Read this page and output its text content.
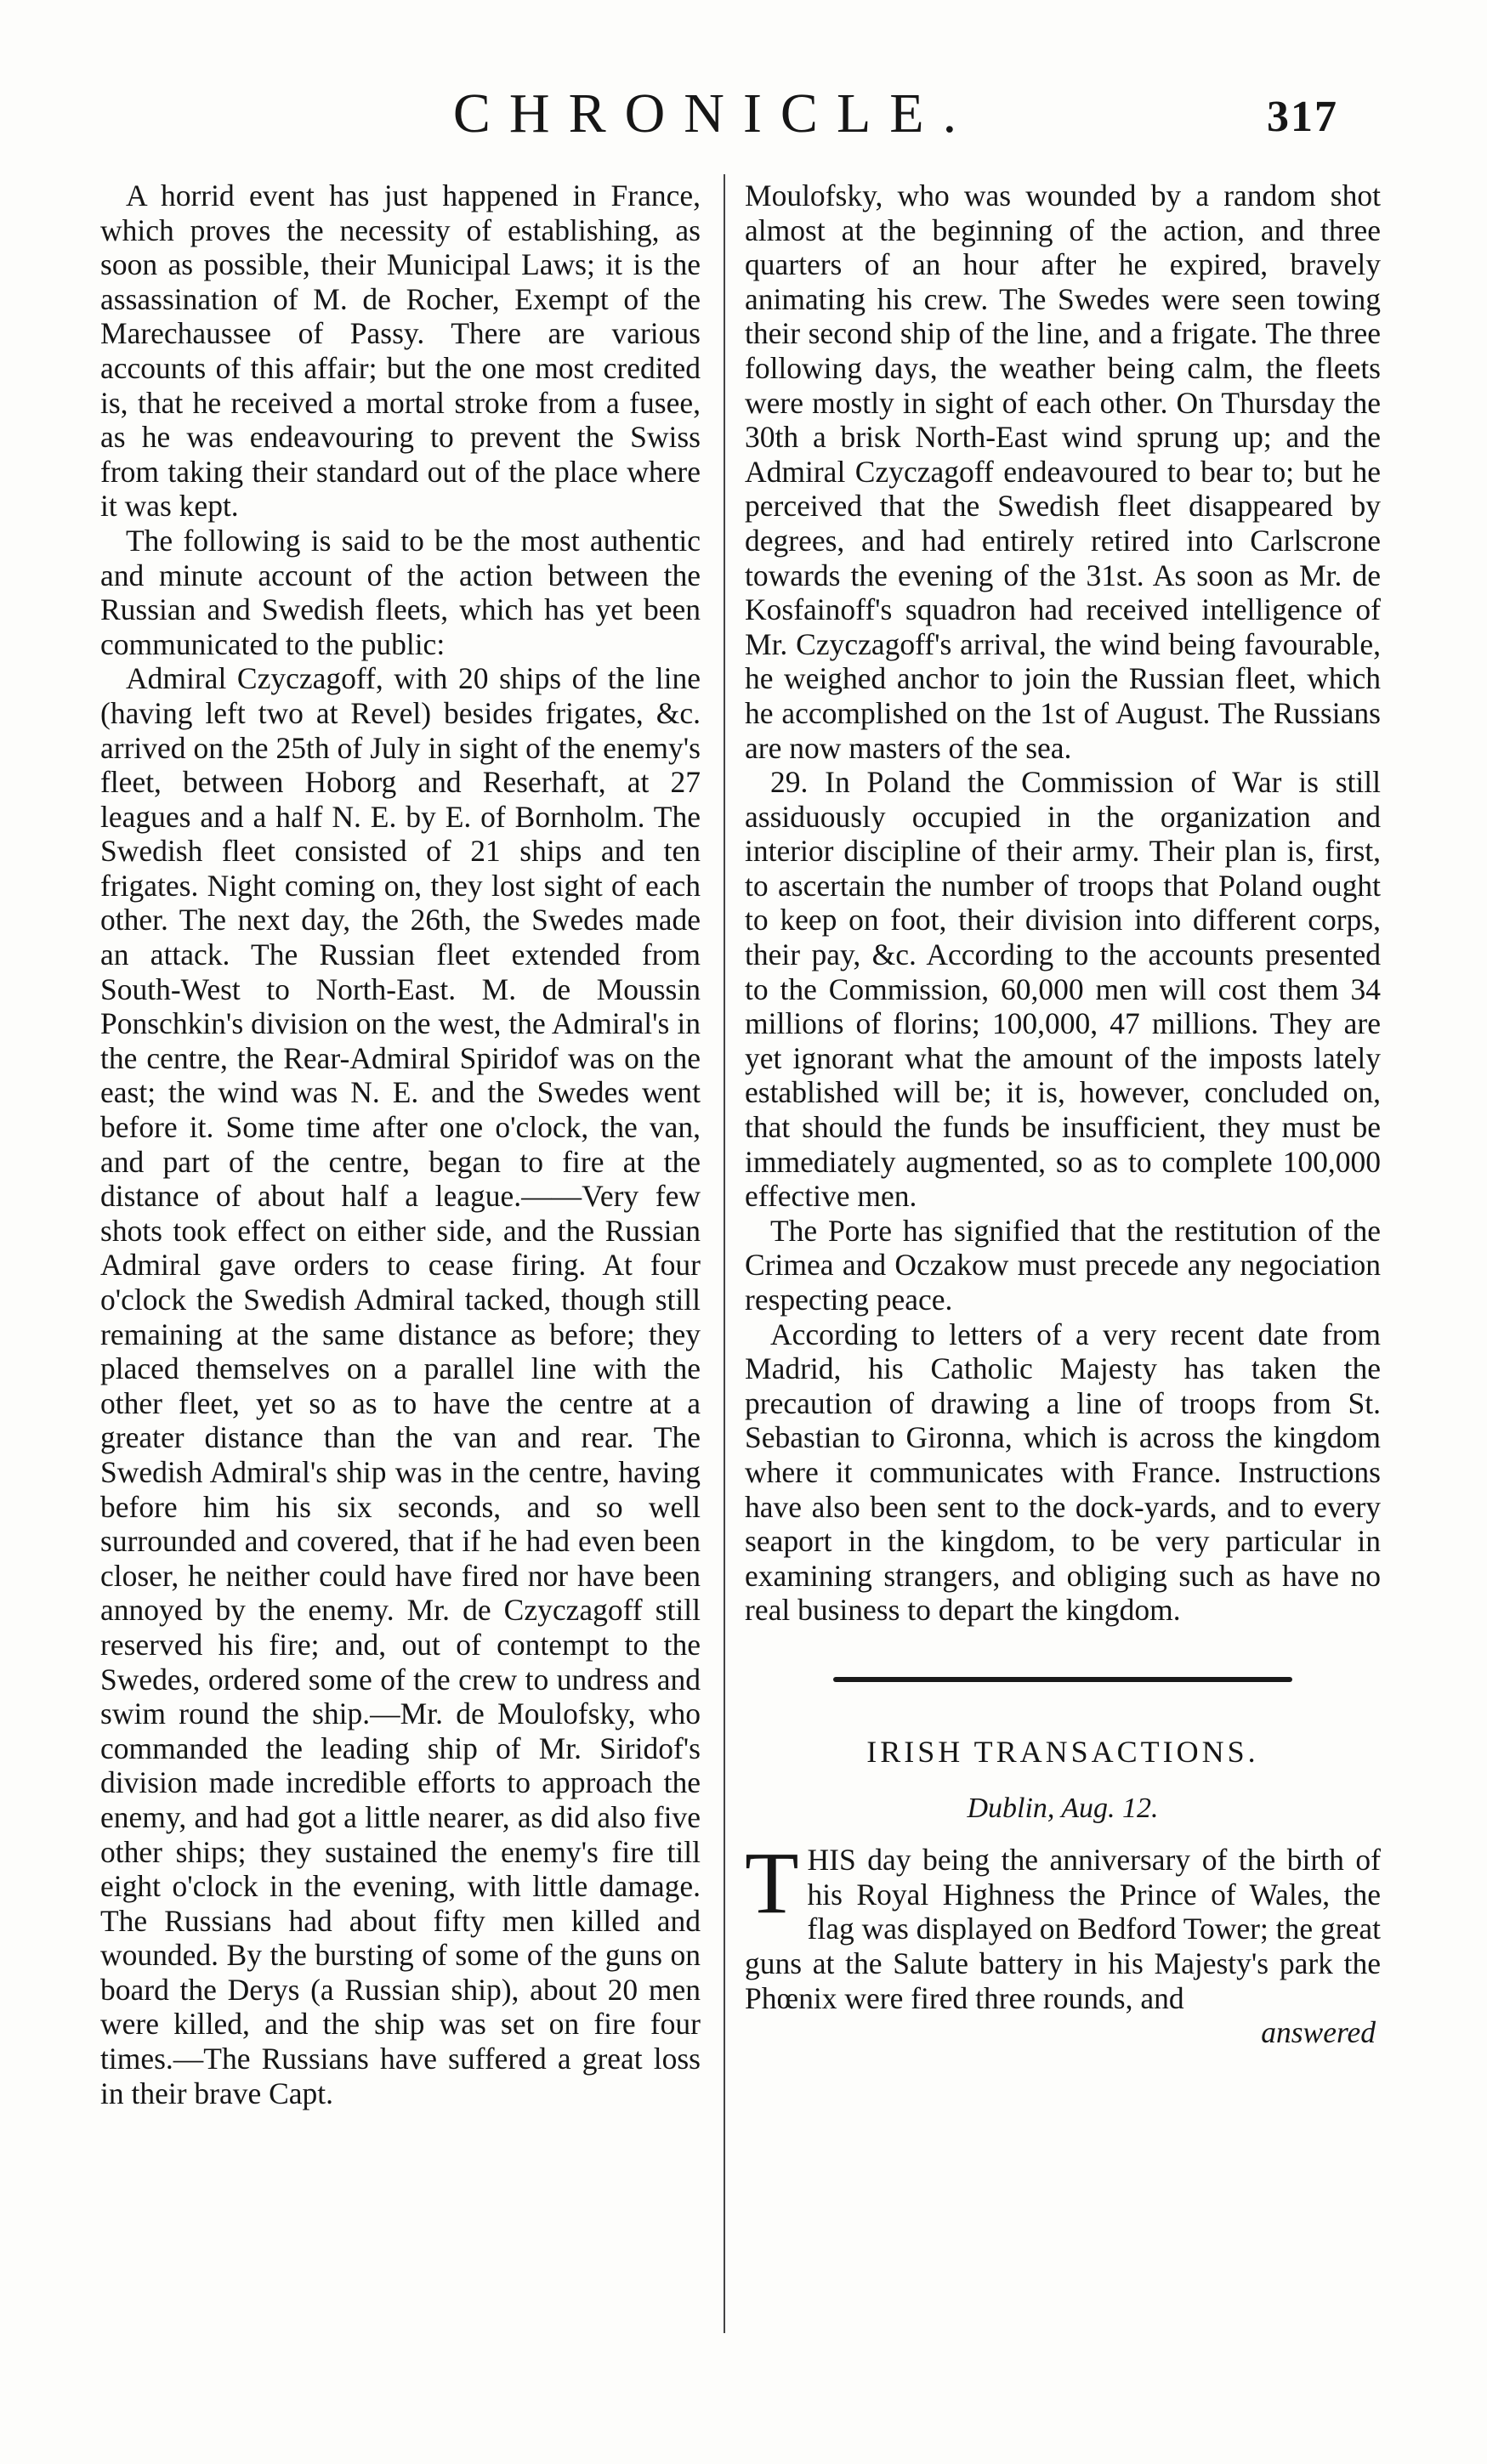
CHRONICLE.	317

A horrid event has just happened in France, which proves the necessity of establishing, as soon as possible, their Municipal Laws; it is the assassination of M. de Rocher, Exempt of the Marechaussee of Passy. There are various accounts of this affair; but the one most credited is, that he received a mortal stroke from a fusee, as he was endeavouring to prevent the Swiss from taking their standard out of the place where it was kept.

The following is said to be the most authentic and minute account of the action between the Russian and Swedish fleets, which has yet been communicated to the public:

Admiral Czyczagoff, with 20 ships of the line (having left two at Revel) besides frigates, &c. arrived on the 25th of July in sight of the enemy's fleet, between Hoborg and Reserhaft, at 27 leagues and a half N. E. by E. of Bornholm. The Swedish fleet consisted of 21 ships and ten frigates. Night coming on, they lost sight of each other. The next day, the 26th, the Swedes made an attack. The Russian fleet extended from South-West to North-East. M. de Moussin Ponschkin's division on the west, the Admiral's in the centre, the Rear-Admiral Spiridof was on the east; the wind was N. E. and the Swedes went before it. Some time after one o'clock, the van, and part of the centre, began to fire at the distance of about half a league.——Very few shots took effect on either side, and the Russian Admiral gave orders to cease firing. At four o'clock the Swedish Admiral tacked, though still remaining at the same distance as before; they placed themselves on a parallel line with the other fleet, yet so as to have the centre at a greater distance than the van and rear. The Swedish Admiral's ship was in the centre, having before him his six seconds, and so well surrounded and covered, that if he had even been closer, he neither could have fired nor have been annoyed by the enemy. Mr. de Czyczagoff still reserved his fire; and, out of contempt to the Swedes, ordered some of the crew to undress and swim round the ship.—Mr. de Moulofsky, who commanded the leading ship of Mr. Siridof's division made incredible efforts to approach the enemy, and had got a little nearer, as did also five other ships; they sustained the enemy's fire till eight o'clock in the evening, with little damage. The Russians had about fifty men killed and wounded. By the bursting of some of the guns on board the Derys (a Russian ship), about 20 men were killed, and the ship was set on fire four times.—The Russians have suffered a great loss in their brave Capt.

Moulofsky, who was wounded by a random shot almost at the beginning of the action, and three quarters of an hour after he expired, bravely animating his crew. The Swedes were seen towing their second ship of the line, and a frigate. The three following days, the weather being calm, the fleets were mostly in sight of each other. On Thursday the 30th a brisk North-East wind sprung up; and the Admiral Czyczagoff endeavoured to bear to; but he perceived that the Swedish fleet disappeared by degrees, and had entirely retired into Carlscrone towards the evening of the 31st. As soon as Mr. de Kosfainoff's squadron had received intelligence of Mr. Czyczagoff's arrival, the wind being favourable, he weighed anchor to join the Russian fleet, which he accomplished on the 1st of August. The Russians are now masters of the sea.

29. In Poland the Commission of War is still assiduously occupied in the organization and interior discipline of their army. Their plan is, first, to ascertain the number of troops that Poland ought to keep on foot, their division into different corps, their pay, &c. According to the accounts presented to the Commission, 60,000 men will cost them 34 millions of florins; 100,000, 47 millions. They are yet ignorant what the amount of the imposts lately established will be; it is, however, concluded on, that should the funds be insufficient, they must be immediately augmented, so as to complete 100,000 effective men.

The Porte has signified that the restitution of the Crimea and Oczakow must precede any negociation respecting peace.

According to letters of a very recent date from Madrid, his Catholic Majesty has taken the precaution of drawing a line of troops from St. Sebastian to Gironna, which is across the kingdom where it communicates with France. Instructions have also been sent to the dock-yards, and to every seaport in the kingdom, to be very particular in examining strangers, and obliging such as have no real business to depart the kingdom.

IRISH TRANSACTIONS.
Dublin, Aug. 12.

THIS day being the anniversary of the birth of his Royal Highness the Prince of Wales, the flag was displayed on Bedford Tower; the great guns at the Salute battery in his Majesty's park the Phœnix were fired three rounds, and

answered
